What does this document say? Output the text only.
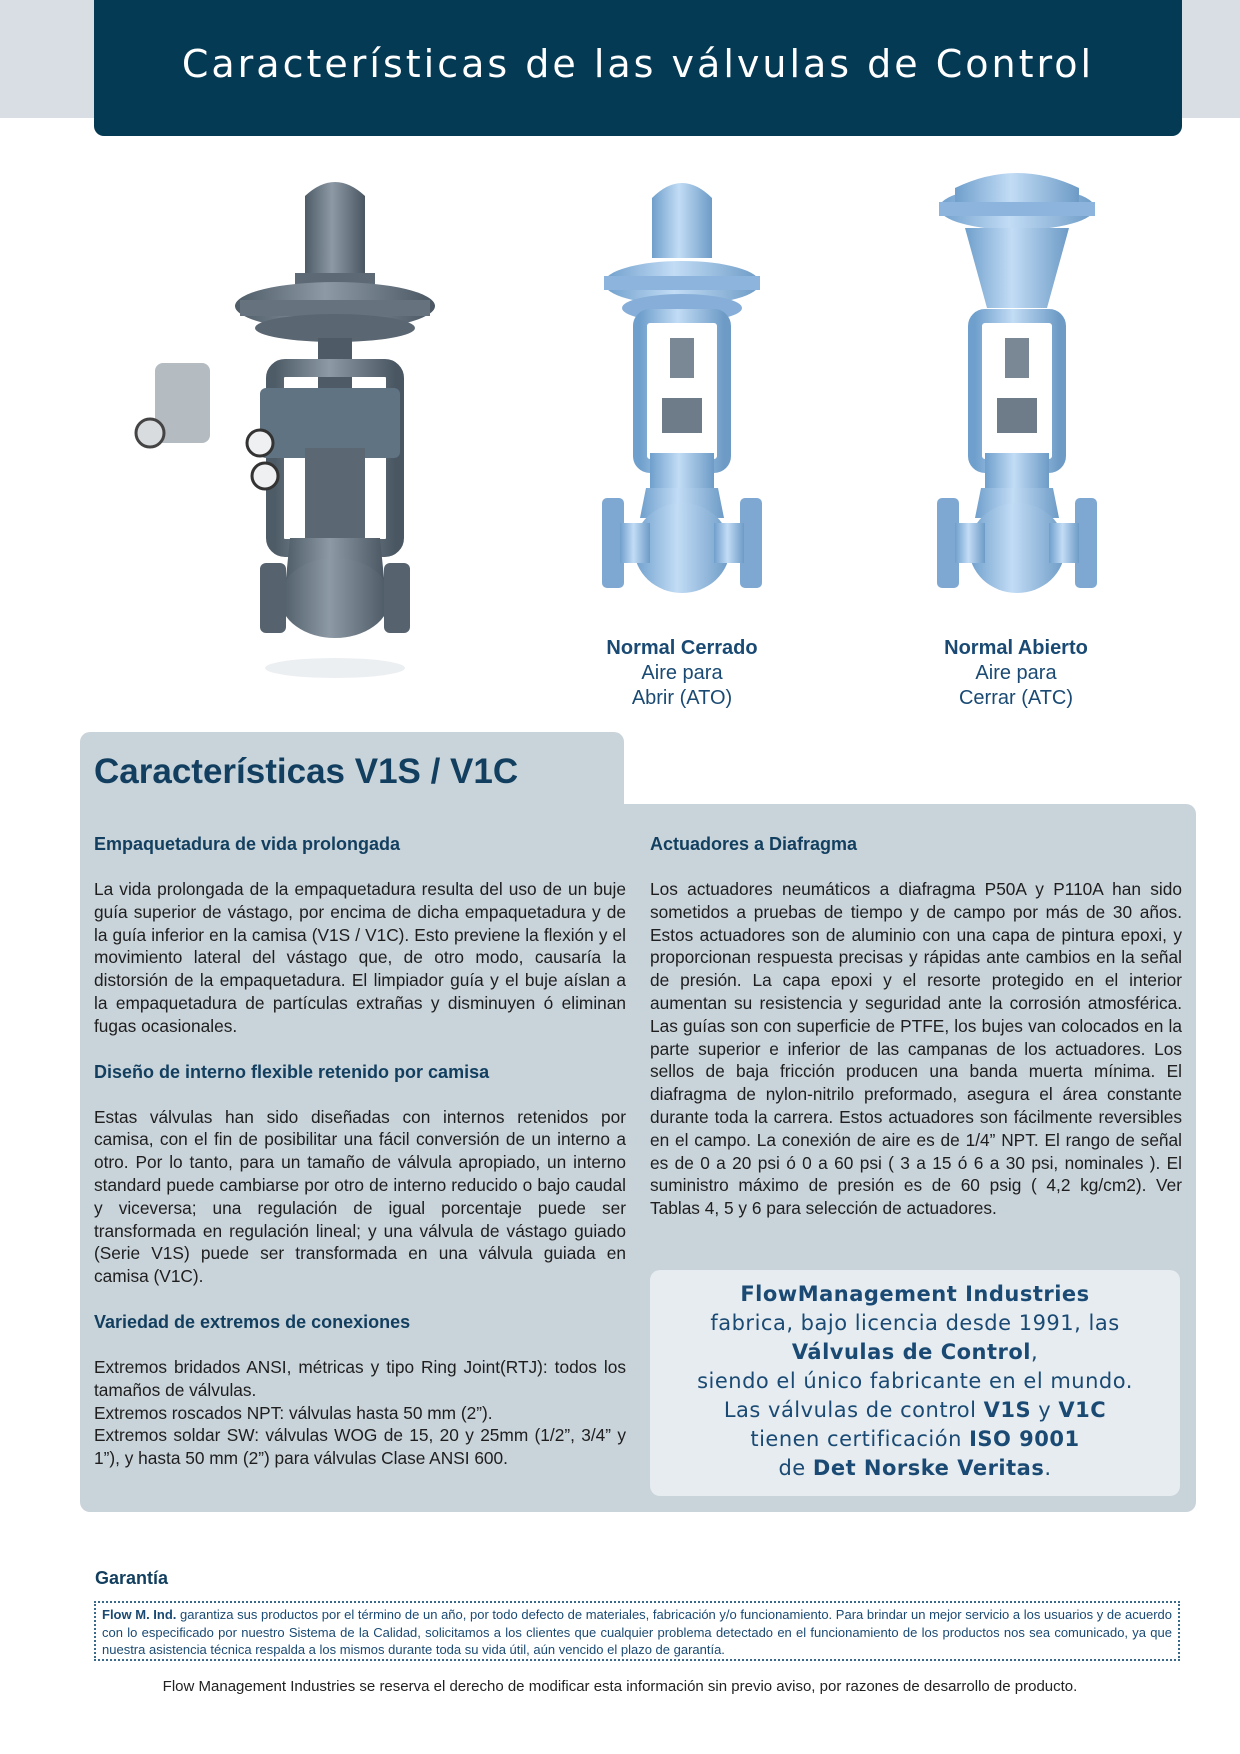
Características de las válvulas de Control
Normal Cerrado
Aire para
Abrir (ATO)
Normal Abierto
Aire para
Cerrar (ATC)
Características V1S / V1C
Empaquetadura de vida prolongada

La vida prolongada de la empaquetadura resulta del uso de un buje guía superior de vástago, por encima de dicha empaquetadura y de la guía inferior en la camisa (V1S / V1C). Esto previene la flexión y el movimiento lateral del vástago que, de otro modo, causaría la distorsión de la empaquetadura. El limpiador guía y el buje aíslan a la empaquetadura de partículas extrañas y disminuyen ó eliminan fugas ocasionales.

Diseño de interno flexible retenido por camisa

Estas válvulas han sido diseñadas con internos retenidos por camisa, con el fin de posibilitar una fácil conversión de un interno a otro. Por lo tanto, para un tamaño de válvula apropiado, un interno standard puede cambiarse por otro de interno reducido o bajo caudal y viceversa; una regulación de igual porcentaje puede ser transformada en regulación lineal; y una válvula de vástago guiado (Serie V1S) puede ser transformada en una válvula guiada en camisa (V1C).

Variedad de extremos de conexiones

Extremos bridados ANSI, métricas y tipo Ring Joint(RTJ): todos los tamaños de válvulas.

Extremos roscados NPT: válvulas hasta 50 mm (2”).

Extremos soldar SW: válvulas WOG de 15, 20 y 25mm (1/2”, 3/4” y 1”), y hasta 50 mm (2”) para válvulas Clase ANSI 600.

Actuadores a Diafragma

Los actuadores neumáticos a diafragma P50A y P110A han sido sometidos a pruebas de tiempo y de campo por más de 30 años. Estos actuadores son de aluminio con una capa de pintura epoxi, y proporcionan respuesta precisas y rápidas ante cambios en la señal de presión. La capa epoxi y el resorte protegido en el interior aumentan su resistencia y seguridad ante la corrosión atmosférica. Las guías son con superficie de PTFE, los bujes van colocados en la parte superior e inferior de las campanas de los actuadores. Los sellos de baja fricción producen una banda muerta mínima. El diafragma de nylon-nitrilo preformado, asegura el área constante durante toda la carrera. Estos actuadores son fácilmente reversibles en el campo. La conexión de aire es de 1/4” NPT. El rango de señal es de 0 a 20 psi ó 0 a 60 psi ( 3 a 15 ó 6 a 30 psi, nominales ). El suministro máximo de presión es de 60 psig ( 4,2 kg/cm2). Ver Tablas 4, 5 y 6 para selección de actuadores.

FlowManagement Industries
fabrica, bajo licencia desde 1991, las
Válvulas de Control,
siendo el único fabricante en el mundo.
Las válvulas de control V1S y V1C
tienen certificación ISO 9001
de Det Norske Veritas.
Garantía
Flow M. Ind. garantiza sus productos por el término de un año, por todo defecto de materiales, fabricación y/o funcionamiento. Para brindar un mejor servicio a los usuarios y de acuerdo con lo especificado por nuestro Sistema de la Calidad, solicitamos a los clientes que cualquier problema detectado en el funcionamiento de los productos nos sea comunicado, ya que nuestra asistencia técnica respalda a los mismos durante toda su vida útil, aún vencido el plazo de garantía.
Flow Management Industries se reserva el derecho de modificar esta información sin previo aviso, por razones de desarrollo de producto.
